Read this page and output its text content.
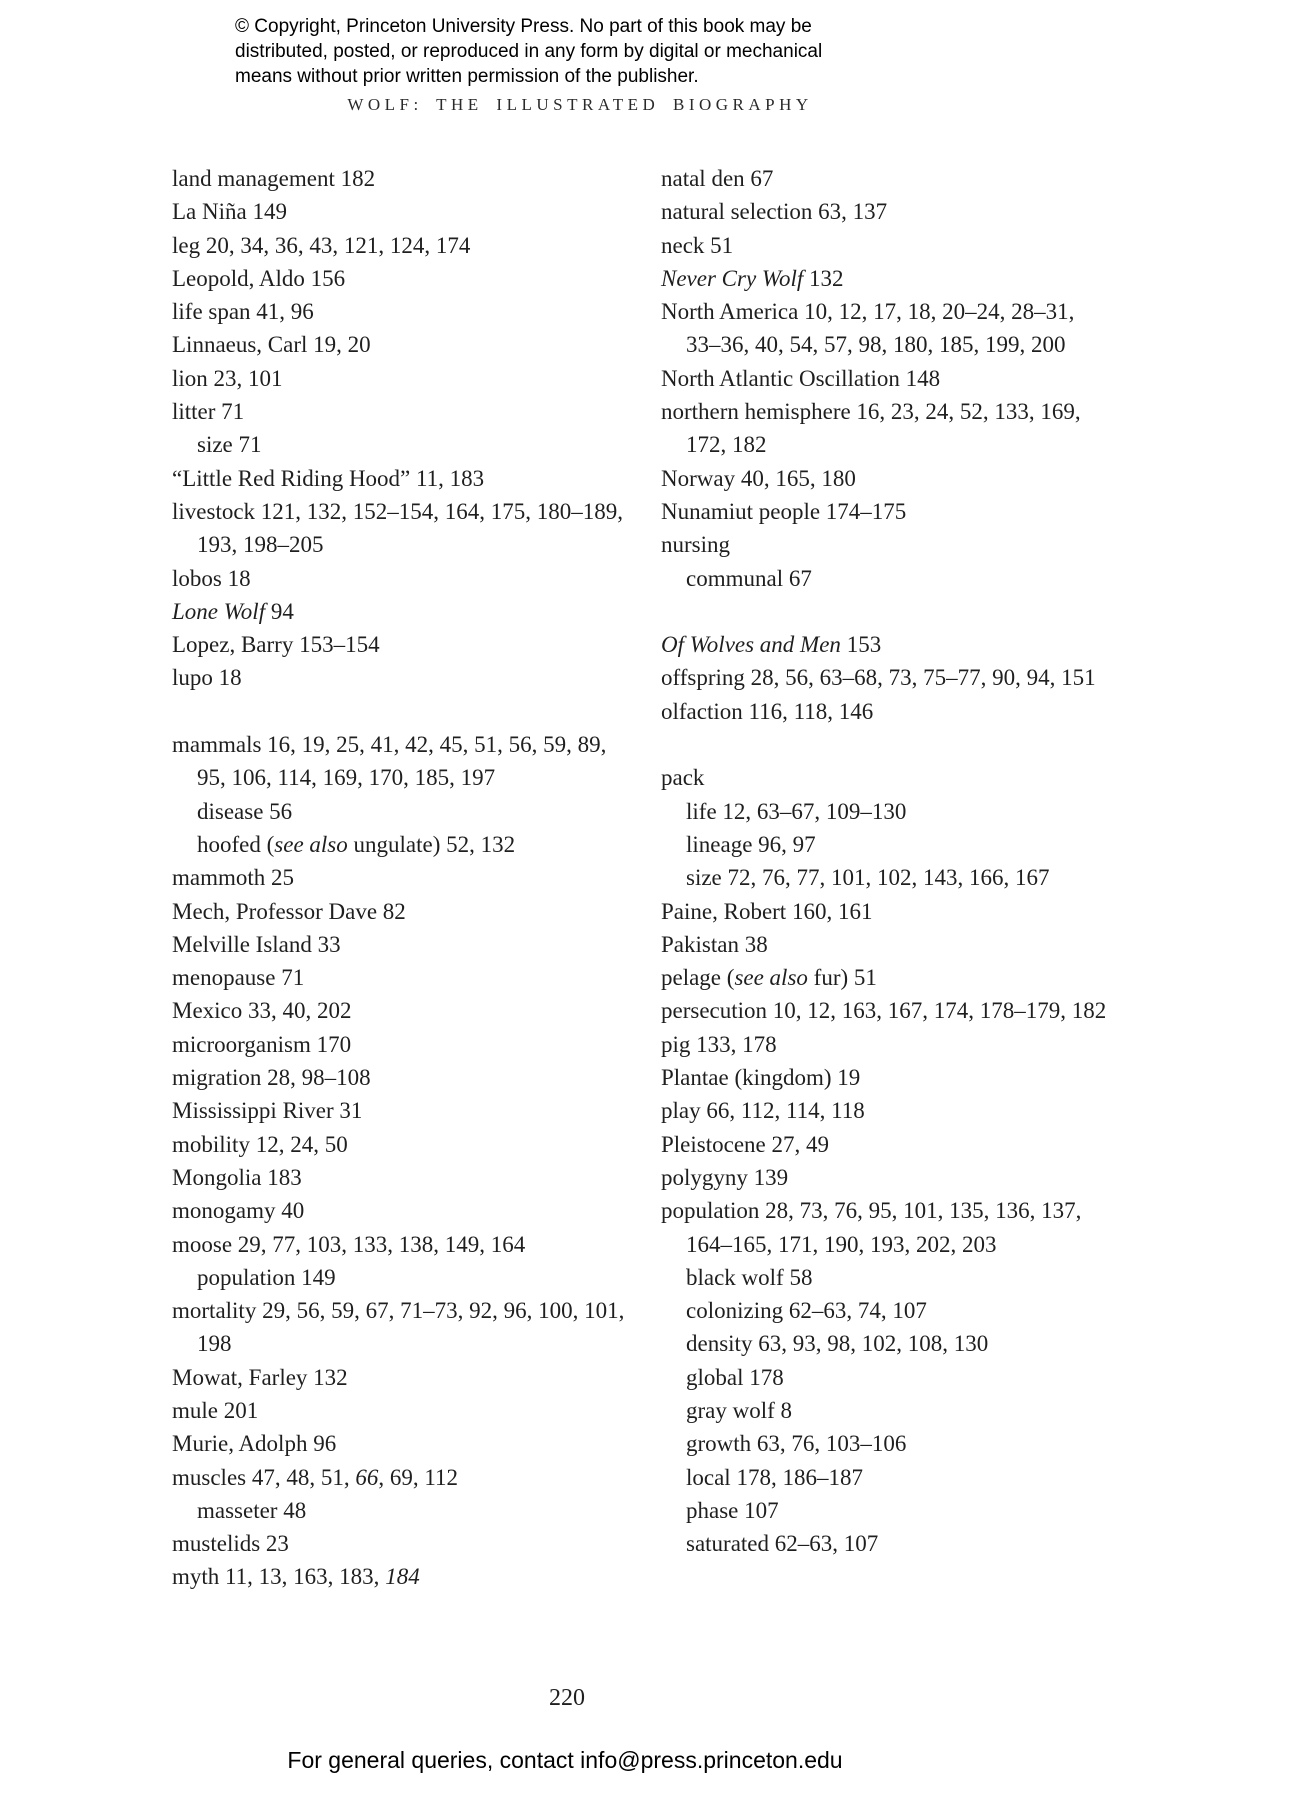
© Copyright, Princeton University Press. No part of this book may be
distributed, posted, or reproduced in any form by digital or mechanical
means without prior written permission of the publisher.
WOLF: THE ILLUSTRATED BIOGRAPHY
land management 182
La Niña 149
leg 20, 34, 36, 43, 121, 124, 174
Leopold, Aldo 156
life span 41, 96
Linnaeus, Carl 19, 20
lion 23, 101
litter 71
size 71
“Little Red Riding Hood” 11, 183
livestock 121, 132, 152–154, 164, 175, 180–189,
193, 198–205
lobos 18
Lone Wolf 94
Lopez, Barry 153–154
lupo 18

mammals 16, 19, 25, 41, 42, 45, 51, 56, 59, 89,
95, 106, 114, 169, 170, 185, 197
disease 56
hoofed (see also ungulate) 52, 132
mammoth 25
Mech, Professor Dave 82
Melville Island 33
menopause 71
Mexico 33, 40, 202
microorganism 170
migration 28, 98–108
Mississippi River 31
mobility 12, 24, 50
Mongolia 183
monogamy 40
moose 29, 77, 103, 133, 138, 149, 164
population 149
mortality 29, 56, 59, 67, 71–73, 92, 96, 100, 101,
198
Mowat, Farley 132
mule 201
Murie, Adolph 96
muscles 47, 48, 51, 66, 69, 112
masseter 48
mustelids 23
myth 11, 13, 163, 183, 184
natal den 67
natural selection 63, 137
neck 51
Never Cry Wolf 132
North America 10, 12, 17, 18, 20–24, 28–31,
33–36, 40, 54, 57, 98, 180, 185, 199, 200
North Atlantic Oscillation 148
northern hemisphere 16, 23, 24, 52, 133, 169,
172, 182
Norway 40, 165, 180
Nunamiut people 174–175
nursing
communal 67

Of Wolves and Men 153
offspring 28, 56, 63–68, 73, 75–77, 90, 94, 151
olfaction 116, 118, 146

pack
life 12, 63–67, 109–130
lineage 96, 97
size 72, 76, 77, 101, 102, 143, 166, 167
Paine, Robert 160, 161
Pakistan 38
pelage (see also fur) 51
persecution 10, 12, 163, 167, 174, 178–179, 182
pig 133, 178
Plantae (kingdom) 19
play 66, 112, 114, 118
Pleistocene 27, 49
polygyny 139
population 28, 73, 76, 95, 101, 135, 136, 137,
164–165, 171, 190, 193, 202, 203
black wolf 58
colonizing 62–63, 74, 107
density 63, 93, 98, 102, 108, 130
global 178
gray wolf 8
growth 63, 76, 103–106
local 178, 186–187
phase 107
saturated 62–63, 107
220
For general queries, contact info@press.princeton.edu
